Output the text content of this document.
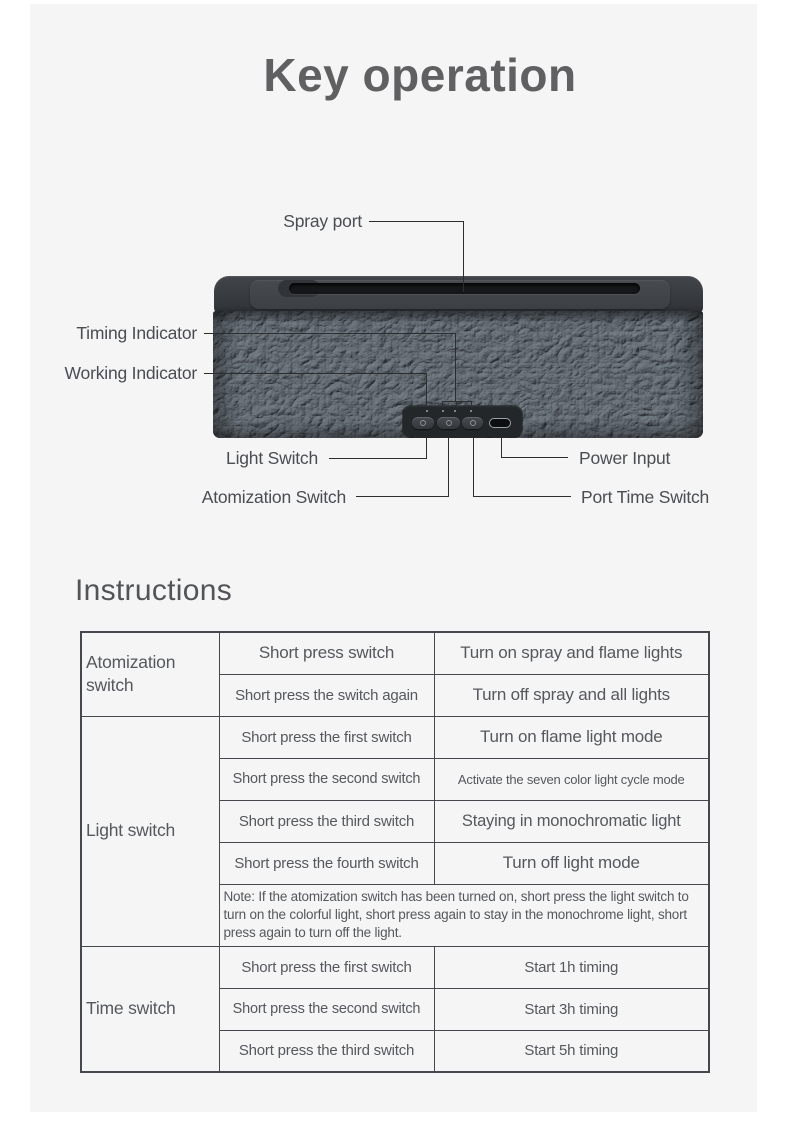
Key operation
Spray port
Timing Indicator
Working Indicator
Light Switch
Atomization Switch
Power Input
Port Time Switch
Instructions
Atomization switch	Short press switch	Turn on spray and flame lights
	Short press the switch again	Turn off spray and all lights
Light switch	Short press the first switch	Turn on flame light mode
	Short press the second switch	Activate the seven color light cycle mode
	Short press the third switch	Staying in monochromatic light
	Short press the fourth switch	Turn off light mode
	Note: If the atomization switch has been turned on, short press the light switch to turn on the colorful light, short press again to stay in the monochrome light, short press again to turn off the light.	
Time switch	Short press the first switch	Start 1h timing
	Short press the second switch	Start 3h timing
	Short press the third switch	Start 5h timing
